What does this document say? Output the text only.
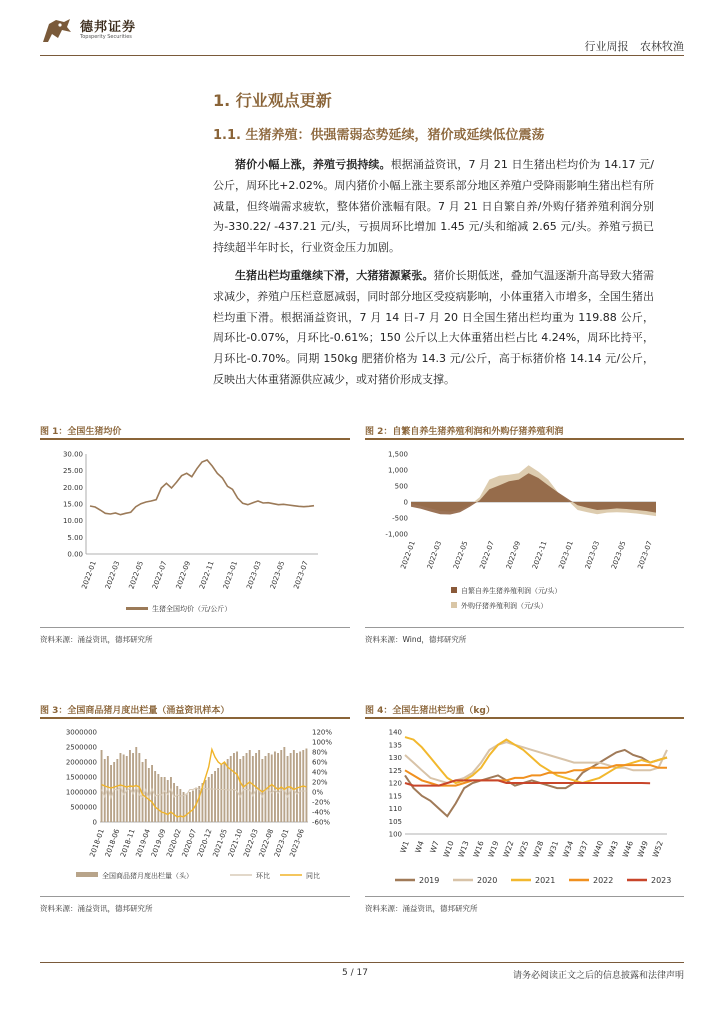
德邦证券
Topsperity Securities
行业周报 农林牧渔
1. 行业观点更新
1.1. 生猪养殖：供强需弱态势延续，猪价或延续低位震荡
猪价小幅上涨，养殖亏损持续。根据涌益资讯，7 月 21 日生猪出栏均价为 14.17 元/公斤，周环比+2.02%。周内猪价小幅上涨主要系部分地区养殖户受降雨影响生猪出栏有所减量，但终端需求疲软，整体猪价涨幅有限。7 月 21 日自繁自养/外购仔猪养殖利润分别为-330.22/ -437.21 元/头，亏损周环比增加 1.45 元/头和缩减 2.65 元/头。养殖亏损已持续超半年时长，行业资金压力加剧。
生猪出栏均重继续下滑，大猪猪源紧张。猪价长期低迷，叠加气温逐渐升高导致大猪需求减少，养殖户压栏意愿减弱，同时部分地区受疫病影响，小体重猪入市增多，全国生猪出栏均重下滑。根据涌益资讯，7 月 14 日-7 月 20 日全国生猪出栏均重为 119.88 公斤，周环比-0.07%，月环比-0.61%；150 公斤以上大体重猪出栏占比 4.24%，周环比持平，月环比-0.70%。同期 150kg 肥猪价格为 14.3 元/公斤，高于标猪价格 14.14 元/公斤，反映出大体重猪源供应减少，或对猪价形成支撑。
图 1：全国生猪均价
0.00
5.00
10.00
15.00
20.00
25.00
30.00
2022-01 2022-03 2022-05 2022-07 2022-09 2022-11 2023-01 2023-03 2023-05 2023-07
生猪全国均价（元/公斤）
资料来源：涌益资讯，德邦研究所
图 2：自繁自养生猪养殖利润和外购仔猪养殖利润
-1,000
-500
0
500
1,000
1,500
2022-01 2022-03 2022-05 2022-07 2022-09 2022-11 2023-01 2023-03 2023-05 2023-07
自繁自养生猪养殖利润（元/头）
外购仔猪养殖利润（元/头）
资料来源：Wind，德邦研究所
图 3：全国商品猪月度出栏量（涌益资讯样本）
0
500000
1000000
1500000
2000000
2500000
3000000
-60%
-40%
-20%
0%
20%
40%
60%
80%
100%
120%
2018-01
2018-06
2018-11
2019-04
2019-09
2020-02
2020-07
2020-12
2021-05
2021-10
2022-03
2022-08
2023-01
2023-06
全国商品猪月度出栏量（头）	环比	同比
资料来源：涌益资讯，德邦研究所
图 4：全国生猪出栏均重（kg）
100
105
110
115
120
125
130
135
140
W1 W4 W7 W10 W13 W16 W19 W22 W25 W28 W31 W34 W37 W40 W43 W46 W49 W52
2019	2020	2021	2022	2023
资料来源：涌益资讯，德邦研究所
5 / 17	请务必阅读正文之后的信息披露和法律声明
